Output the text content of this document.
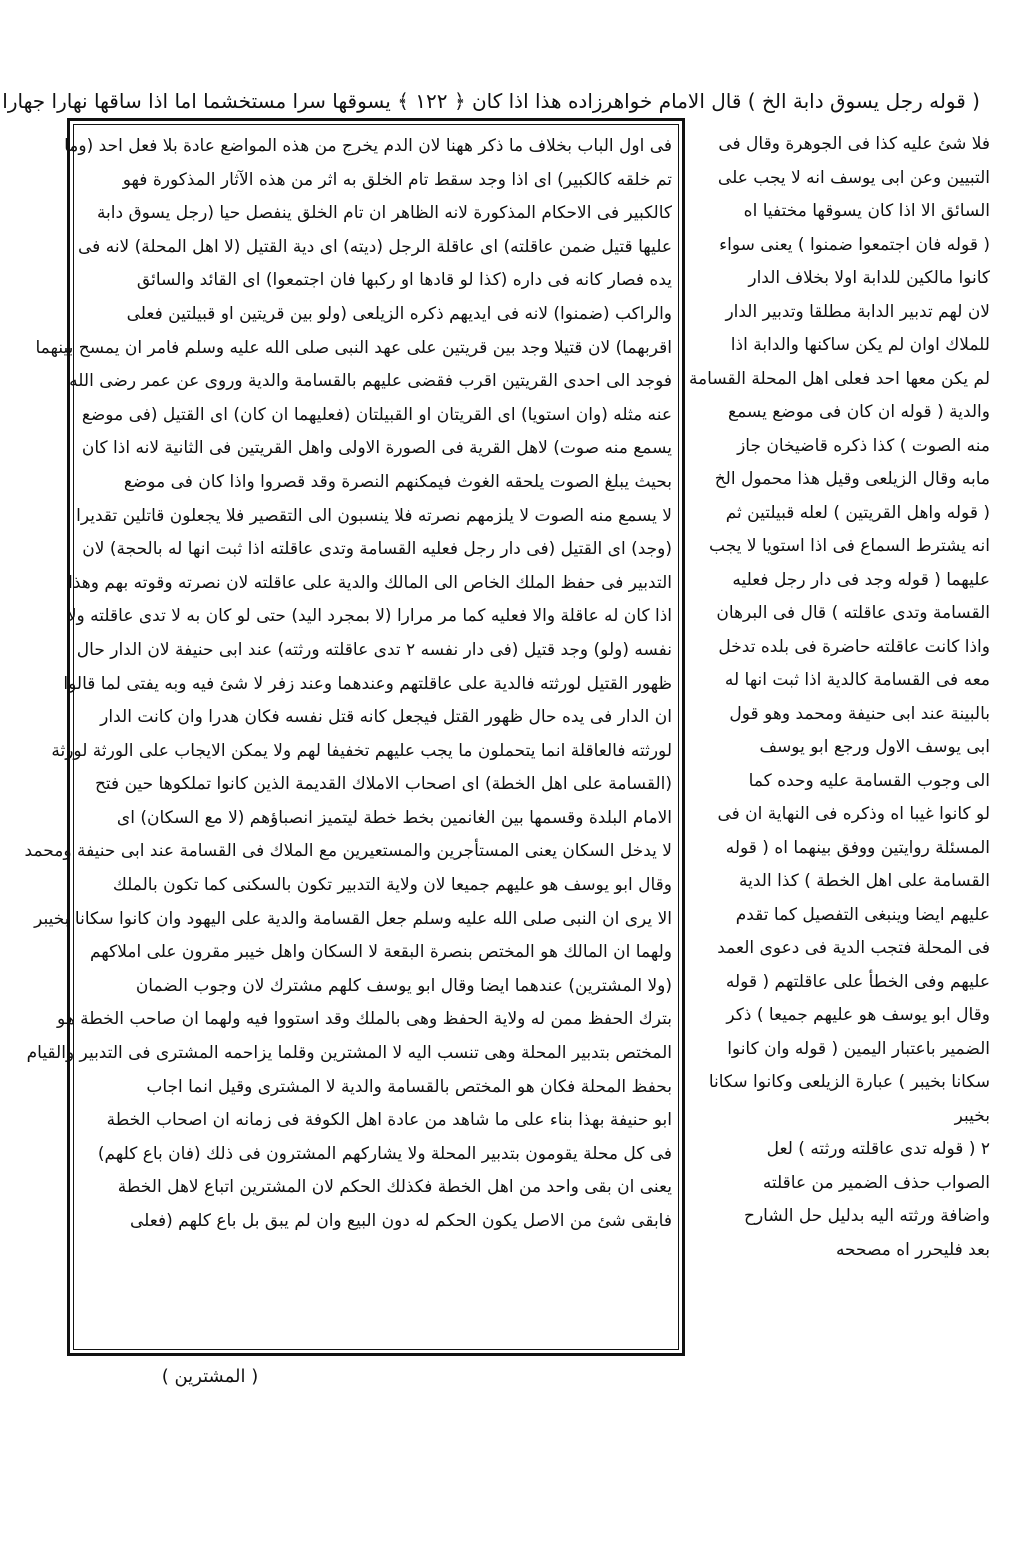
( قوله رجل يسوق دابة الخ ) قال الامام خواهرزاده هذا اذا كان ﴿ ١٢٢ ﴾ يسوقها سرا مستخشما اما اذا ساقها نهارا جهارا
فى اول الباب بخلاف ما ذكر ههنا لان الدم يخرج من هذه المواضع عادة بلا فعل احد (وما
تم خلقه كالكبير) اى اذا وجد سقط تام الخلق به اثر من هذه الآثار المذكورة فهو
كالكبير فى الاحكام المذكورة لانه الظاهر ان تام الخلق ينفصل حيا (رجل يسوق دابة
عليها قتيل ضمن عاقلته) اى عاقلة الرجل (ديته) اى دية القتيل (لا اهل المحلة) لانه فى
يده فصار كانه فى داره (كذا لو قادها او ركبها فان اجتمعوا) اى القائد والسائق
والراكب (ضمنوا) لانه فى ايديهم ذكره الزيلعى (ولو بين قريتين او قبيلتين فعلى
اقربهما) لان قتيلا وجد بين قريتين على عهد النبى صلى الله عليه وسلم فامر ان يمسح بينهما
فوجد الى احدى القريتين اقرب فقضى عليهم بالقسامة والدية وروى عن عمر رضى الله
عنه مثله (وان استويا) اى القريتان او القبيلتان (فعليهما ان كان) اى القتيل (فى موضع
يسمع منه صوت) لاهل القرية فى الصورة الاولى واهل القريتين فى الثانية لانه اذا كان
بحيث يبلغ الصوت يلحقه الغوث فيمكنهم النصرة وقد قصروا واذا كان فى موضع
لا يسمع منه الصوت لا يلزمهم نصرته فلا ينسبون الى التقصير فلا يجعلون قاتلين تقديرا
(وجد) اى القتيل (فى دار رجل فعليه القسامة وتدى عاقلته اذا ثبت انها له بالحجة) لان
التدبير فى حفظ الملك الخاص الى المالك والدية على عاقلته لان نصرته وقوته بهم وهذا
اذا كان له عاقلة والا فعليه كما مر مرارا (لا بمجرد اليد) حتى لو كان به لا تدى عاقلته ولا
نفسه (ولو) وجد قتيل (فى دار نفسه ٢ تدى عاقلته ورثته) عند ابى حنيفة لان الدار حال
ظهور القتيل لورثته فالدية على عاقلتهم وعندهما وعند زفر لا شئ فيه وبه يفتى لما قالوا
ان الدار فى يده حال ظهور القتل فيجعل كانه قتل نفسه فكان هدرا وان كانت الدار
لورثته فالعاقلة انما يتحملون ما يجب عليهم تخفيفا لهم ولا يمكن الايجاب على الورثة لورثة
(القسامة على اهل الخطة) اى اصحاب الاملاك القديمة الذين كانوا تملكوها حين فتح
الامام البلدة وقسمها بين الغانمين بخط خطة ليتميز انصباؤهم (لا مع السكان) اى
لا يدخل السكان يعنى المستأجرين والمستعيرين مع الملاك فى القسامة عند ابى حنيفة ومحمد
وقال ابو يوسف هو عليهم جميعا لان ولاية التدبير تكون بالسكنى كما تكون بالملك
الا يرى ان النبى صلى الله عليه وسلم جعل القسامة والدية على اليهود وان كانوا سكانا بخيبر
ولهما ان المالك هو المختص بنصرة البقعة لا السكان واهل خيبر مقرون على املاكهم
(ولا المشترين) عندهما ايضا وقال ابو يوسف كلهم مشترك لان وجوب الضمان
بترك الحفظ ممن له ولاية الحفظ وهى بالملك وقد استووا فيه ولهما ان صاحب الخطة هو
المختص بتدبير المحلة وهى تنسب اليه لا المشترين وقلما يزاحمه المشترى فى التدبير والقيام
بحفظ المحلة فكان هو المختص بالقسامة والدية لا المشترى وقيل انما اجاب
ابو حنيفة بهذا بناء على ما شاهد من عادة اهل الكوفة فى زمانه ان اصحاب الخطة
فى كل محلة يقومون بتدبير المحلة ولا يشاركهم المشترون فى ذلك (فان باع كلهم)
يعنى ان بقى واحد من اهل الخطة فكذلك الحكم لان المشترين اتباع لاهل الخطة
فابقى شئ من الاصل يكون الحكم له دون البيع وان لم يبق بل باع كلهم (فعلى
فلا شئ عليه كذا فى الجوهرة وقال فى
التبيين وعن ابى يوسف انه لا يجب على
السائق الا اذا كان يسوقها مختفيا اه
( قوله فان اجتمعوا ضمنوا ) يعنى سواء
كانوا مالكين للدابة اولا بخلاف الدار
لان لهم تدبير الدابة مطلقا وتدبير الدار
للملاك اوان لم يكن ساكنها والدابة اذا
لم يكن معها احد فعلى اهل المحلة القسامة
والدية ( قوله ان كان فى موضع يسمع
منه الصوت ) كذا ذكره قاضيخان جاز
مابه وقال الزيلعى وقيل هذا محمول الخ
( قوله واهل القريتين ) لعله قبيلتين ثم
انه يشترط السماع فى اذا استويا لا يجب
عليهما ( قوله وجد فى دار رجل فعليه
القسامة وتدى عاقلته ) قال فى البرهان
واذا كانت عاقلته حاضرة فى بلده تدخل
معه فى القسامة كالدية اذا ثبت انها له
بالبينة عند ابى حنيفة ومحمد وهو قول
ابى يوسف الاول ورجع ابو يوسف
الى وجوب القسامة عليه وحده كما
لو كانوا غيبا اه وذكره فى النهاية ان فى
المسئلة روايتين ووفق بينهما اه ( قوله
القسامة على اهل الخطة ) كذا الدية
عليهم ايضا وينبغى التفصيل كما تقدم
فى المحلة فتجب الدية فى دعوى العمد
عليهم وفى الخطأ على عاقلتهم ( قوله
وقال ابو يوسف هو عليهم جميعا ) ذكر
الضمير باعتبار اليمين ( قوله وان كانوا
سكانا بخيبر ) عبارة الزيلعى وكانوا سكانا
بخيبر
٢ ( قوله تدى عاقلته ورثته ) لعل
الصواب حذف الضمير من عاقلته
واضافة ورثته اليه بدليل حل الشارح
بعد فليحرر اه مصححه
( المشترين )
